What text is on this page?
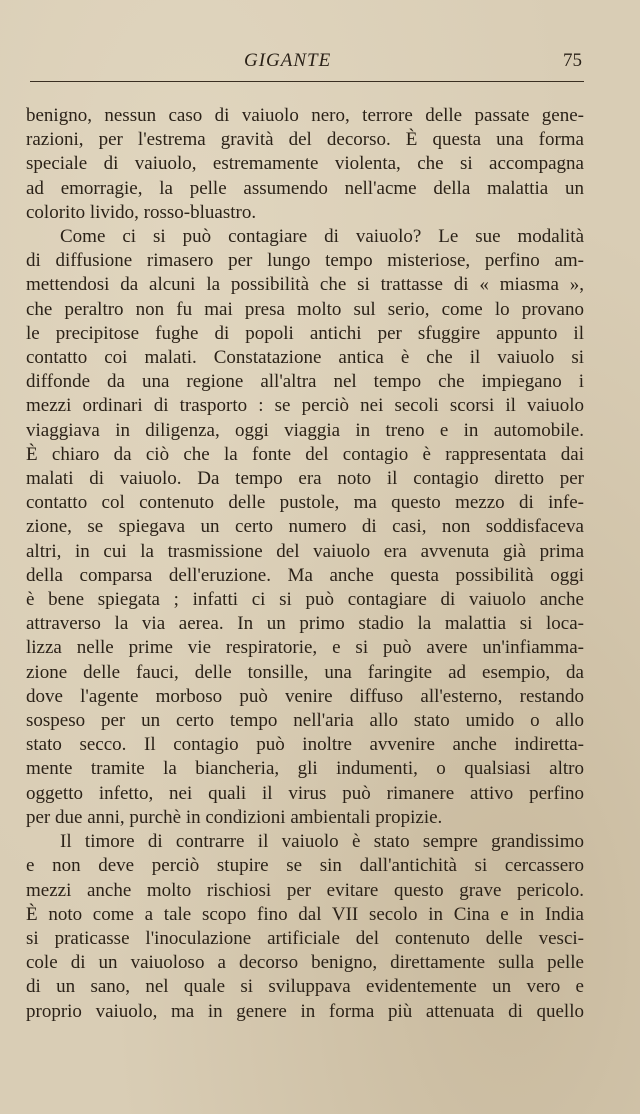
GIGANTE	75
benigno, nessun caso di vaiuolo nero, terrore delle passate gene-
razioni, per l'estrema gravità del decorso. È questa una forma
speciale di vaiuolo, estremamente violenta, che si accompagna
ad emorragie, la pelle assumendo nell'acme della malattia un
colorito livido, rosso-bluastro.
Come ci si può contagiare di vaiuolo? Le sue modalità
di diffusione rimasero per lungo tempo misteriose, perfino am-
mettendosi da alcuni la possibilità che si trattasse di « miasma »,
che peraltro non fu mai presa molto sul serio, come lo provano
le precipitose fughe di popoli antichi per sfuggire appunto il
contatto coi malati. Constatazione antica è che il vaiuolo si
diffonde da una regione all'altra nel tempo che impiegano i
mezzi ordinari di trasporto : se perciò nei secoli scorsi il vaiuolo
viaggiava in diligenza, oggi viaggia in treno e in automobile.
È chiaro da ciò che la fonte del contagio è rappresentata dai
malati di vaiuolo. Da tempo era noto il contagio diretto per
contatto col contenuto delle pustole, ma questo mezzo di infe-
zione, se spiegava un certo numero di casi, non soddisfaceva
altri, in cui la trasmissione del vaiuolo era avvenuta già prima
della comparsa dell'eruzione. Ma anche questa possibilità oggi
è bene spiegata ; infatti ci si può contagiare di vaiuolo anche
attraverso la via aerea. In un primo stadio la malattia si loca-
lizza nelle prime vie respiratorie, e si può avere un'infiamma-
zione delle fauci, delle tonsille, una faringite ad esempio, da
dove l'agente morboso può venire diffuso all'esterno, restando
sospeso per un certo tempo nell'aria allo stato umido o allo
stato secco. Il contagio può inoltre avvenire anche indiretta-
mente tramite la biancheria, gli indumenti, o qualsiasi altro
oggetto infetto, nei quali il virus può rimanere attivo perfino
per due anni, purchè in condizioni ambientali propizie.
Il timore di contrarre il vaiuolo è stato sempre grandissimo
e non deve perciò stupire se sin dall'antichità si cercassero
mezzi anche molto rischiosi per evitare questo grave pericolo.
È noto come a tale scopo fino dal VII secolo in Cina e in India
si praticasse l'inoculazione artificiale del contenuto delle vesci-
cole di un vaiuoloso a decorso benigno, direttamente sulla pelle
di un sano, nel quale si sviluppava evidentemente un vero e
proprio vaiuolo, ma in genere in forma più attenuata di quello
